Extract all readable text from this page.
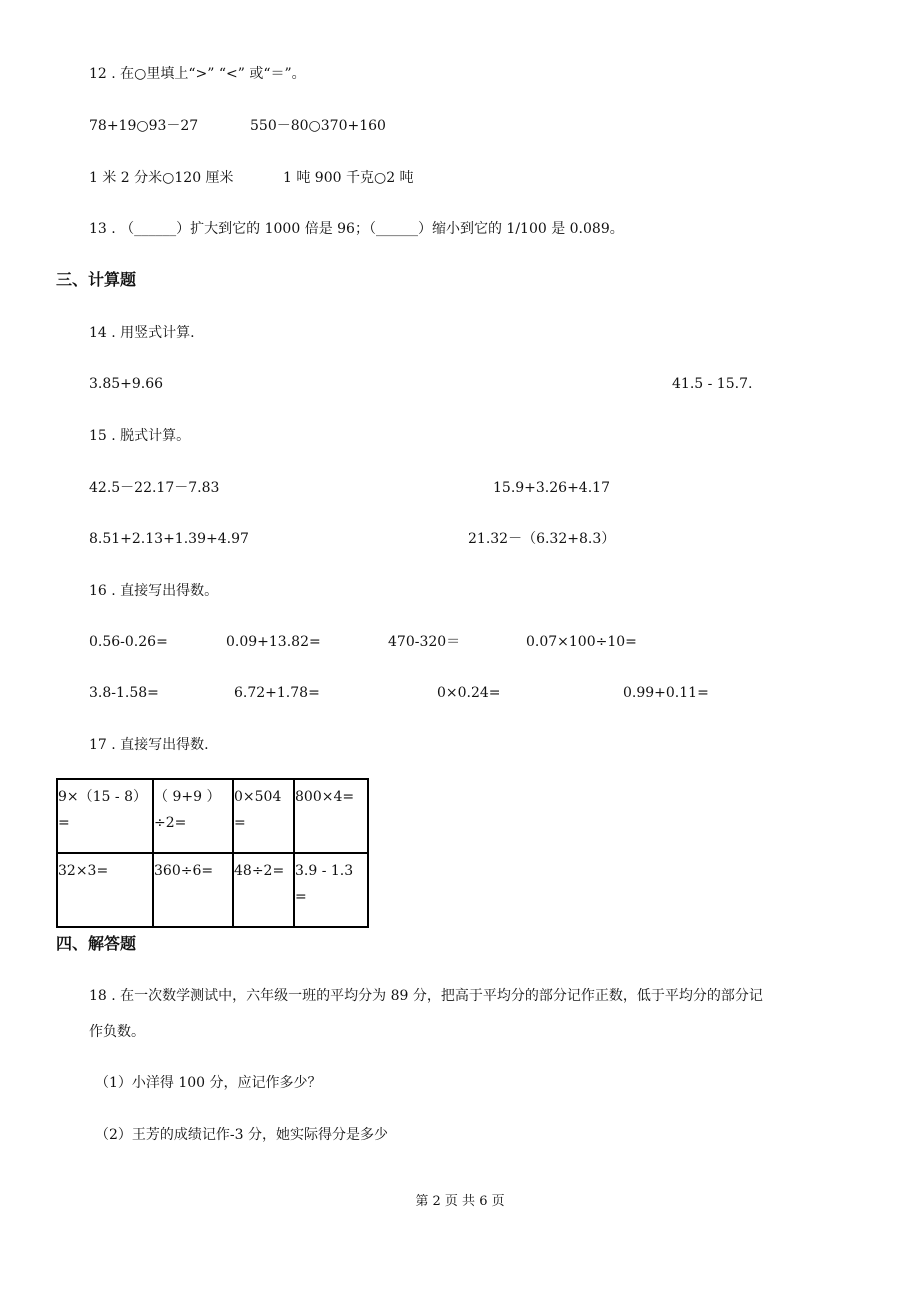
12 . 在○里填上“>” “<” 或“＝”。
78+19○93－27	550－80○370+160
1 米 2 分米○120 厘米	1 吨 900 千克○2 吨
13 . （______）扩大到它的 1000 倍是 96；（______）缩小到它的 1/100 是 0.089。
三、计算题
14 . 用竖式计算.
3.85+9.66	41.5 - 15.7.
15 . 脱式计算。
42.5－22.17－7.83	15.9+3.26+4.17
8.51+2.13+1.39+4.97	21.32－（6.32+8.3）
16 . 直接写出得数。
0.56-0.26=	0.09+13.82=	470-320＝	0.07×100÷10=
3.8-1.58=	6.72+1.78=	0×0.24=	0.99+0.11=
17 . 直接写出得数.
9×（15 - 8）=	（ 9+9 ）÷2=	0×504=	800×4=
32×3=	360÷6=	48÷2=	3.9 - 1.3 =
四、解答题
18 . 在一次数学测试中，六年级一班的平均分为 89 分，把高于平均分的部分记作正数，低于平均分的部分记
作负数。
（1）小洋得 100 分，应记作多少？
（2）王芳的成绩记作-3 分，她实际得分是多少
第 2 页 共 6 页
